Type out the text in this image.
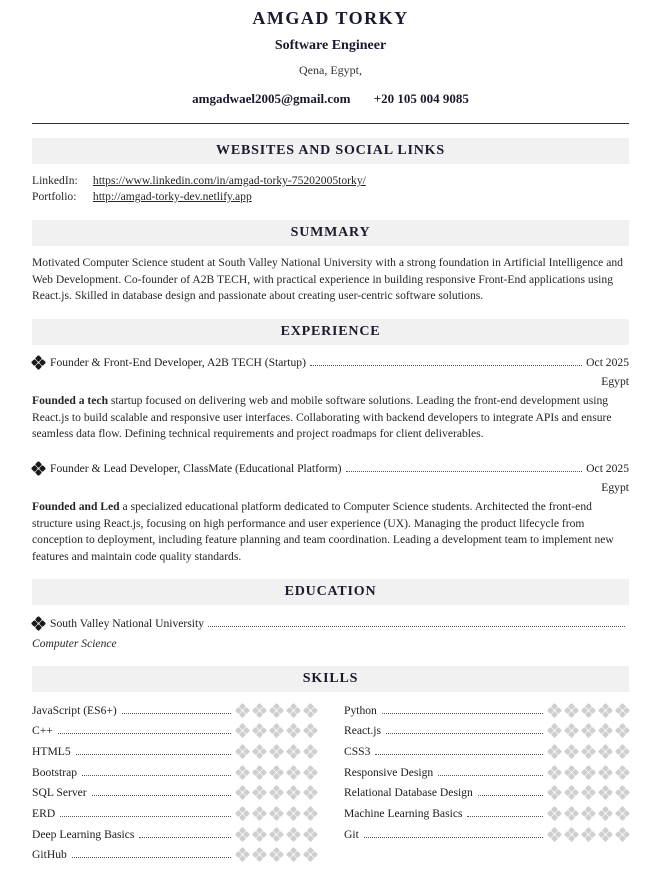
AMGAD TORKY
Software Engineer
Qena, Egypt,
amgadwael2005@gmail.com +20 105 004 9085
WEBSITES AND SOCIAL LINKS
LinkedIn: https://www.linkedin.com/in/amgad-torky-75202005torky/
Portfolio: http://amgad-torky-dev.netlify.app
SUMMARY
Motivated Computer Science student at South Valley National University with a strong foundation in Artificial Intelligence and Web Development. Co-founder of A2B TECH, with practical experience in building responsive Front-End applications using React.js. Skilled in database design and passionate about creating user-centric software solutions.
EXPERIENCE
Founder & Front-End Developer, A2B TECH (Startup)	Oct 2025
Egypt
Founded a tech startup focused on delivering web and mobile software solutions. Leading the front-end development using React.js to build scalable and responsive user interfaces. Collaborating with backend developers to integrate APIs and ensure seamless data flow. Defining technical requirements and project roadmaps for client deliverables.
Founder & Lead Developer, ClassMate (Educational Platform)	Oct 2025
Egypt
Founded and Led a specialized educational platform dedicated to Computer Science students. Architected the front-end structure using React.js, focusing on high performance and user experience (UX). Managing the product lifecycle from conception to deployment, including feature planning and team coordination. Leading a development team to implement new features and maintain code quality standards.
EDUCATION
South Valley National University
Computer Science
SKILLS
JavaScript (ES6+)
C++
HTML5
Bootstrap
SQL Server
ERD
Deep Learning Basics
GitHub
Python
React.js
CSS3
Responsive Design
Relational Database Design
Machine Learning Basics
Git
